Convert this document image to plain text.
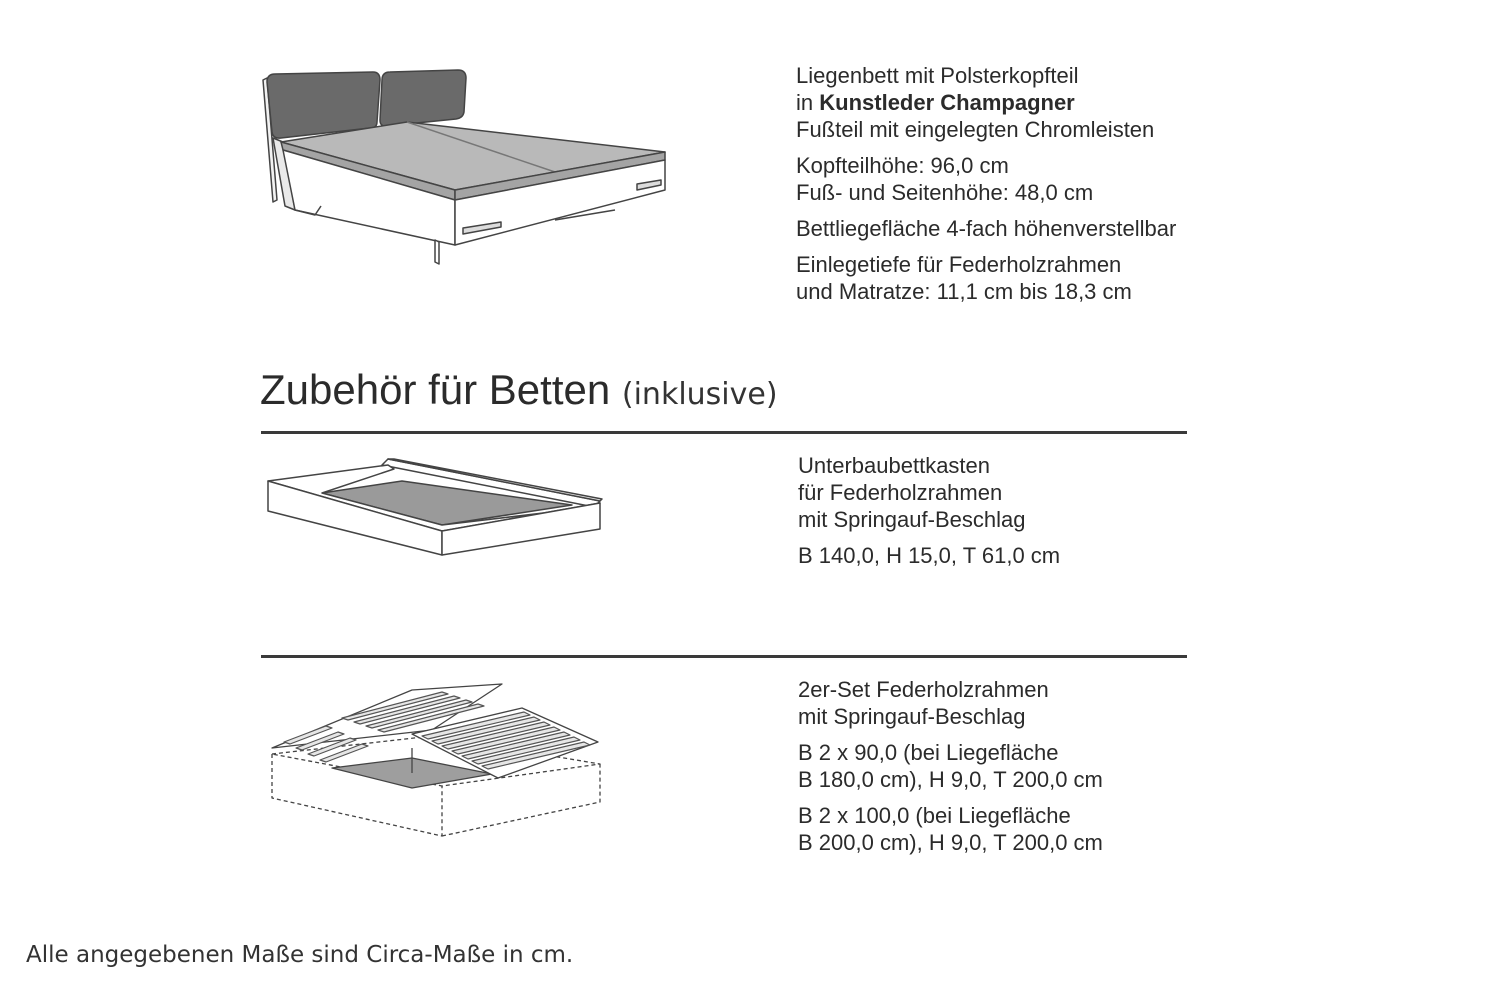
Liegenbett mit Polsterkopfteil
in Kunstleder Champagner
Fußteil mit eingelegten Chromleisten
Kopfteilhöhe: 96,0 cm
Fuß- und Seitenhöhe: 48,0 cm
Bettliegefläche 4-fach höhenverstellbar
Einlegetiefe für Federholzrahmen
und Matratze: 11,1 cm bis 18,3 cm
Zubehör für Betten (inklusive)
Unterbaubettkasten
für Federholzrahmen
mit Springauf-Beschlag
B 140,0, H 15,0, T 61,0 cm
2er-Set Federholzrahmen
mit Springauf-Beschlag
B 2 x 90,0 (bei Liegefläche
B 180,0 cm), H 9,0, T 200,0 cm
B 2 x 100,0 (bei Liegefläche
B 200,0 cm), H 9,0, T 200,0 cm
Alle angegebenen Maße sind Circa-Maße in cm.
